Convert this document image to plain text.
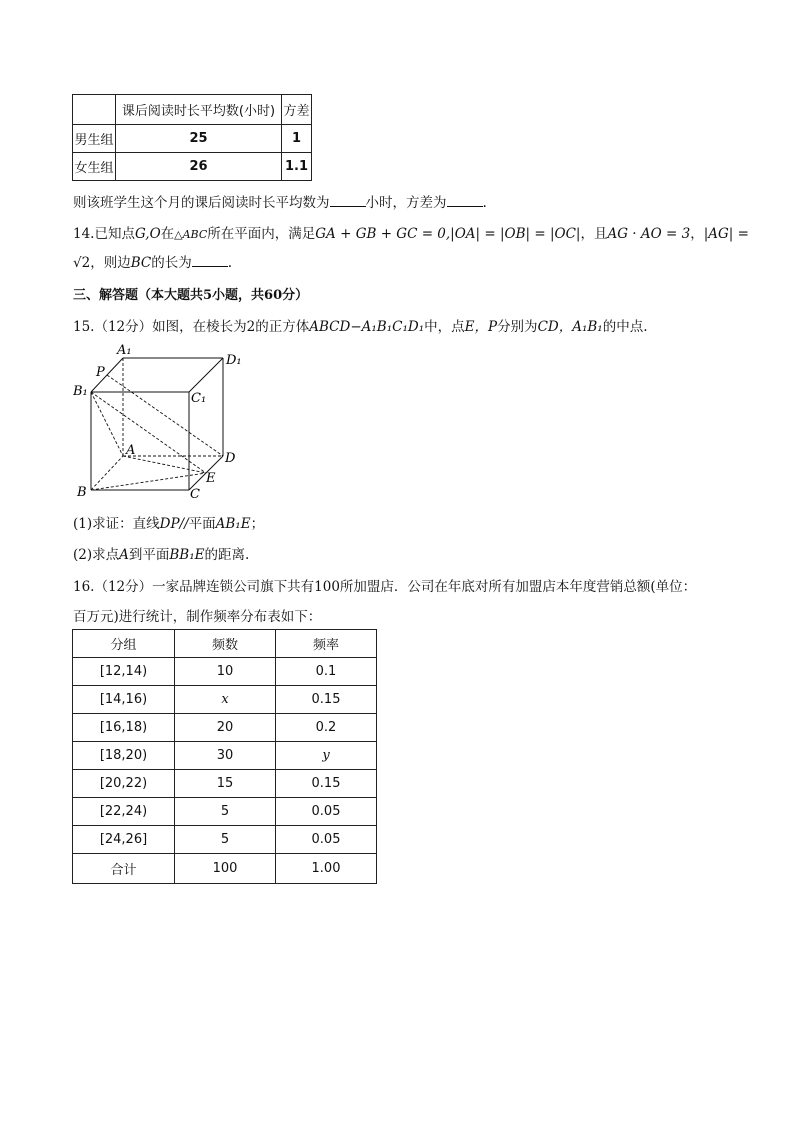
	课后阅读时长平均数(小时)	方差
男生组	25	1
女生组	26	1.1
则该班学生这个月的课后阅读时长平均数为	小时，方差为	.
14.已知点G,O在△ABC所在平面内，满足GA + GB + GC = 0,|OA| = |OB| = |OC|，且AG · AO = 3，|AG| =
√2，则边BC的长为	.
三、解答题（本大题共5小题，共60分）
15.（12分）如图，在棱长为2的正方体ABCD−A₁B₁C₁D₁中，点E，P分别为CD，A₁B₁的中点.
A₁
D₁
P
B₁	C₁
A
D
E
B	C
(1)求证：直线DP//平面AB₁E；
(2)求点A到平面BB₁E的距离.
16.（12分）一家品牌连锁公司旗下共有100所加盟店．公司在年底对所有加盟店本年度营销总额(单位：
百万元)进行统计，制作频率分布表如下：
分组	频数	频率
[12,14)	10	0.1
[14,16)	x	0.15
[16,18)	20	0.2
[18,20)	30	y
[20,22)	15	0.15
[22,24)	5	0.05
[24,26]	5	0.05
合计	100	1.00
